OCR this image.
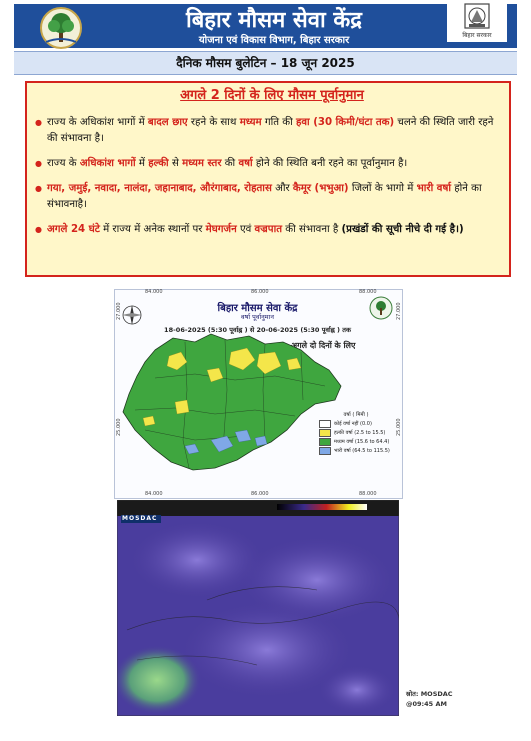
बिहार मौसम सेवा केंद्र
योजना एवं विकास विभाग, बिहार सरकार	बिहार सरकार
दैनिक मौसम बुलेटिन – 18 जून 2025
अगले 2 दिनों के लिए मौसम पूर्वानुमान
● राज्य के अधिकांश भागों में बादल छाए रहने के साथ मध्यम गति की हवा (30 किमी/घंटा तक) चलने की स्थिति जारी रहने की संभावना है।
● राज्य के अधिकांश भागों में हल्की से मध्यम स्तर की वर्षा होने की स्थिति बनी रहने का पूर्वानुमान है।
● गया, जमुई, नवादा, नालंदा, जहानाबाद, औरंगाबाद, रोहतास और कैमूर (भभुआ) जिलों के भागो में भारी वर्षा होने का संभावनाहै।
● अगले 24 घंटे में राज्य में अनेक स्थानों पर मेघगर्जन एवं वज्रपात की संभावना है (प्रखंडों की सूची नीचे दी गई है।)
बिहार मौसम सेवा केंद्र
वर्षा पूर्वानुमान
18-06-2025 (5:30 पूर्वाह्न ) से 20-06-2025 (5:30 पूर्वाह्न ) तक
अगले दो दिनों के लिए
84.000	86.000	88.000
84.000	86.000	88.000
27.000
25.000
27.000
25.000
वर्षा ( मिमी )
कोई वर्षा नहीं (0.0)
हल्की वर्षा (2.5 to 15.5)
मध्यम वर्षा (15.6 to 64.4)
भारी वर्षा (64.5 to 115.5)
MOSDAC
स्रोत: MOSDAC
@09:45 AM
